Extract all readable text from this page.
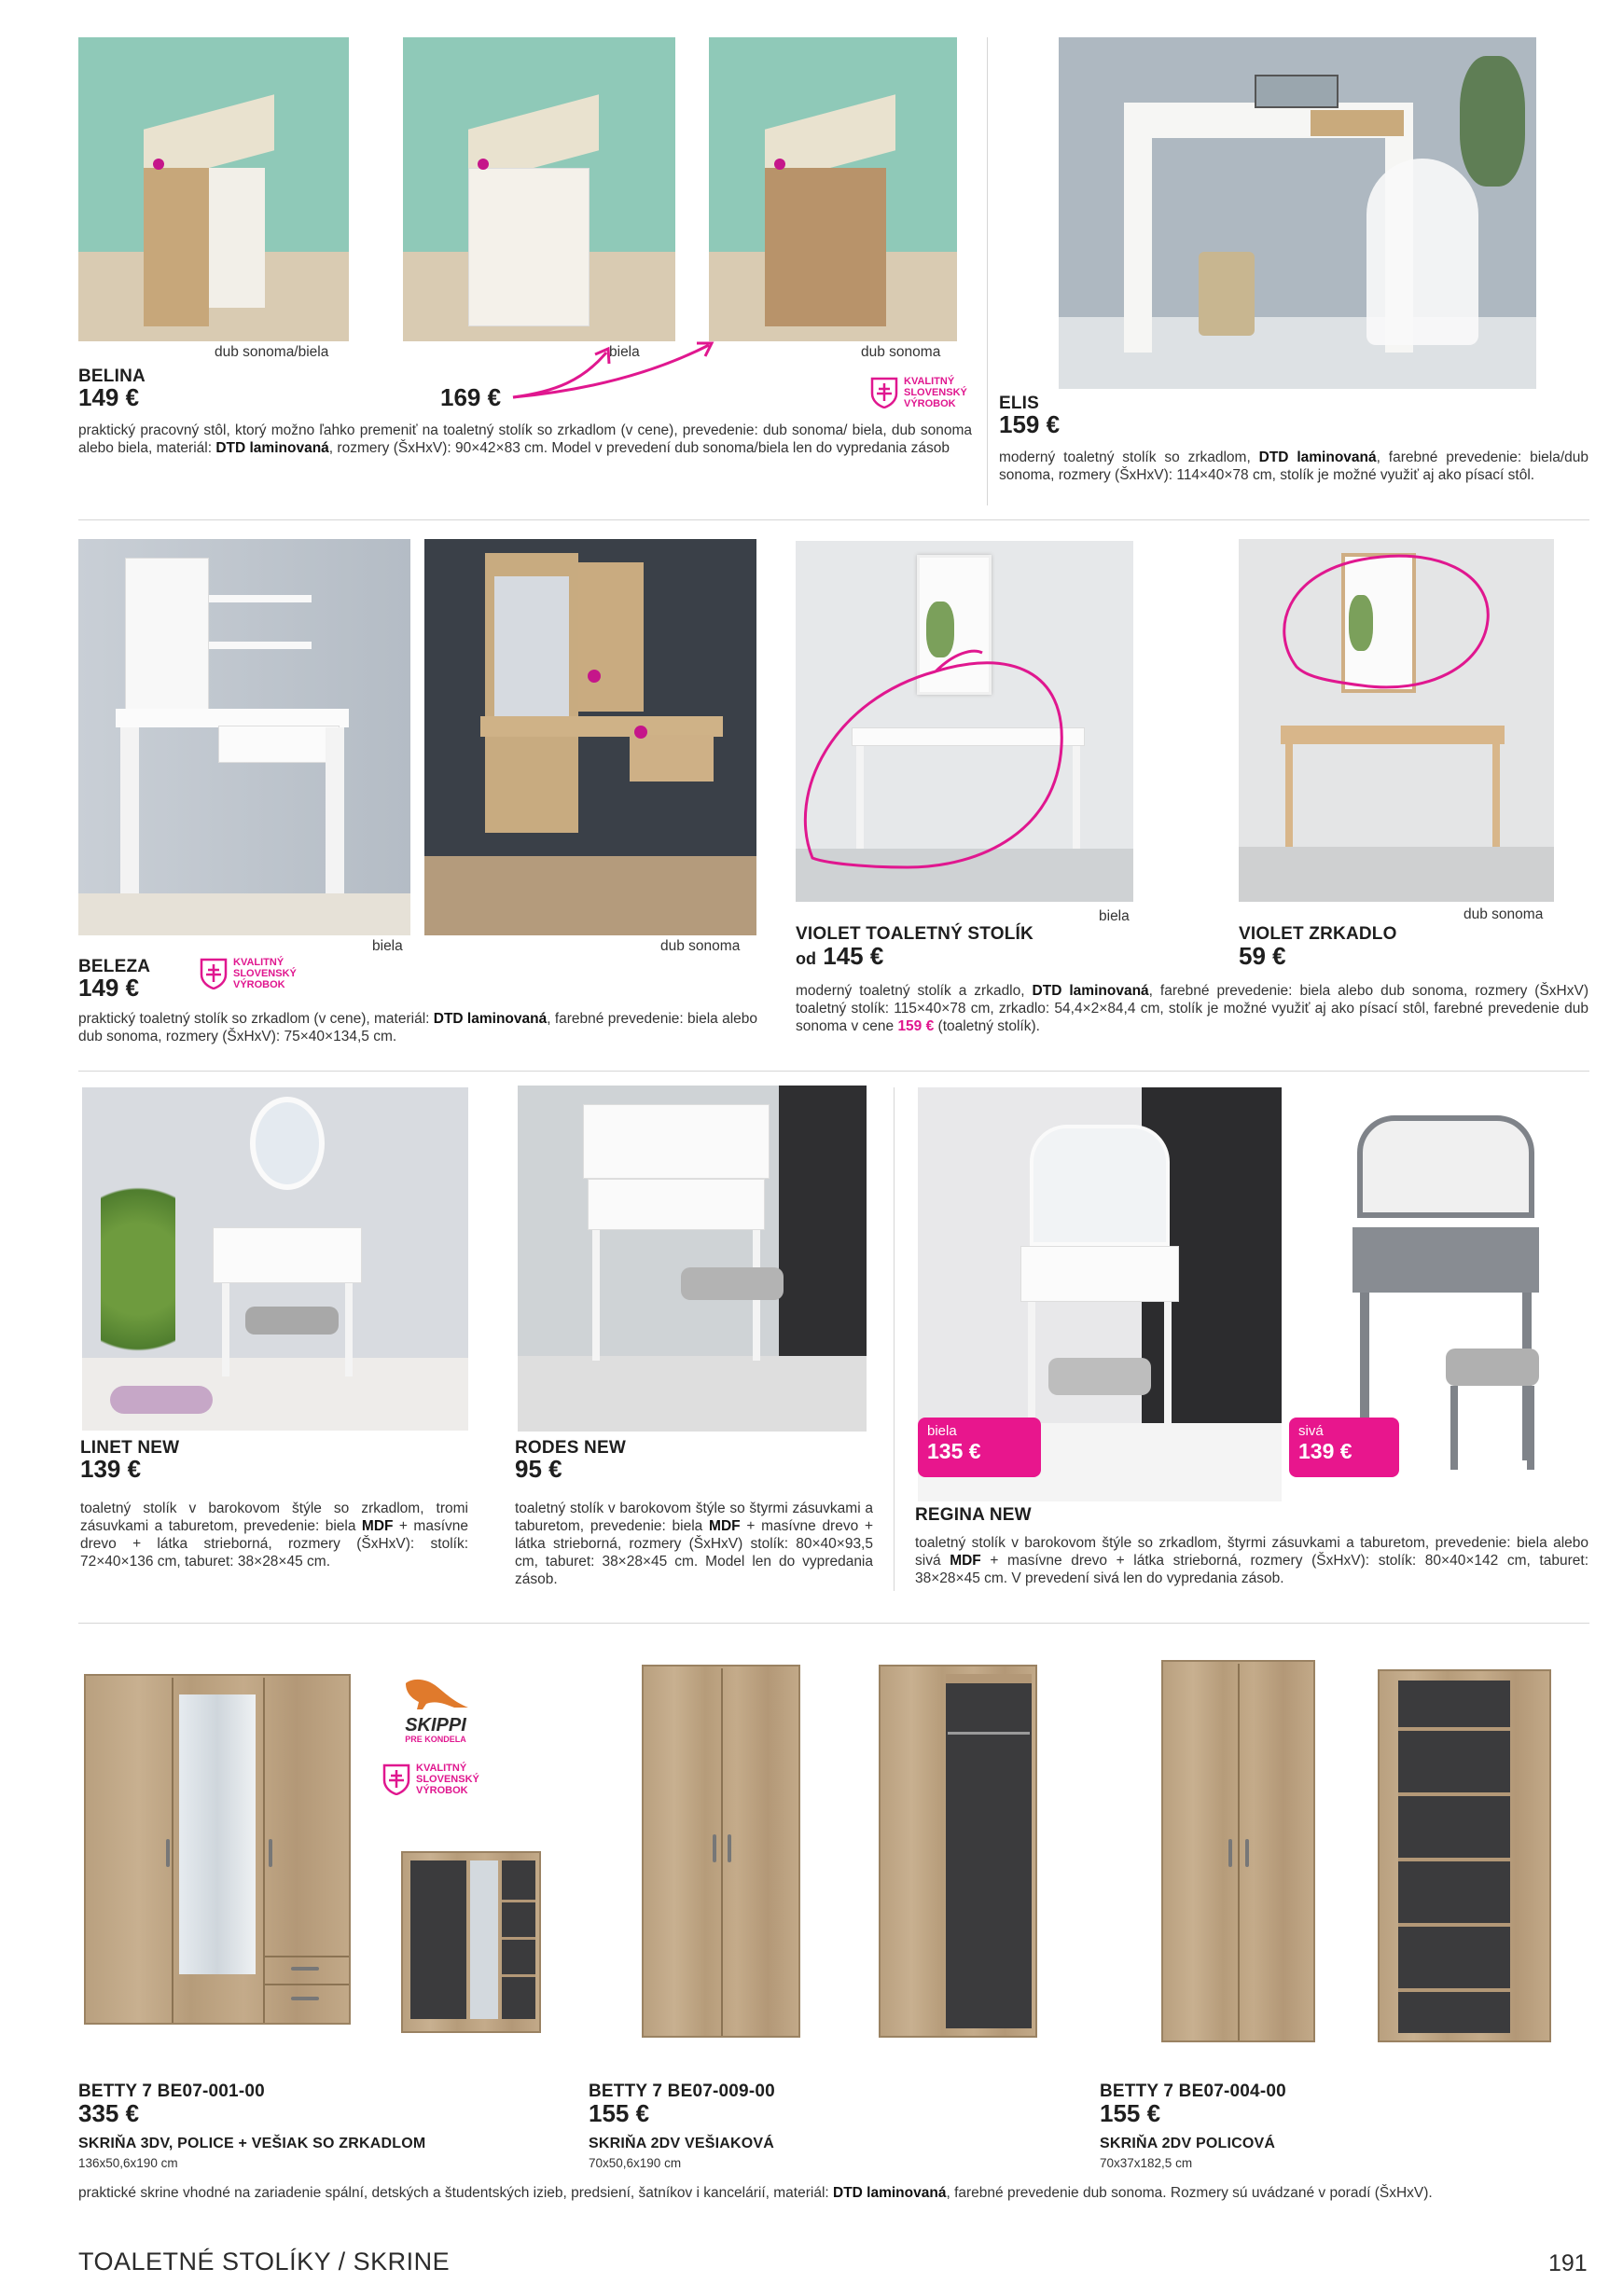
dub sonoma/biela	biela	dub sonoma
BELINA
149 €	169 €
KVALITNÝ
SLOVENSKÝ
VÝROBOK
praktický pracovný stôl, ktorý možno ľahko premeniť na toaletný stolík so zrkadlom (v cene), prevedenie: dub sonoma/ biela, dub sonoma alebo biela, materiál: DTD laminovaná, rozmery (ŠxHxV): 90×42×83 cm. Model v prevedení dub sonoma/biela len do vypredania zásob
ELIS
159 €
moderný toaletný stolík so zrkadlom, DTD laminovaná, farebné prevedenie: biela/dub sonoma, rozmery (ŠxHxV): 114×40×78 cm, stolík je možné využiť aj ako písací stôl.
biela	dub sonoma
BELEZA
149 €
KVALITNÝ
SLOVENSKÝ
VÝROBOK
praktický toaletný stolík so zrkadlom (v cene), materiál: DTD laminovaná, farebné prevedenie: biela alebo dub sonoma, rozmery (ŠxHxV): 75×40×134,5 cm.
biela	dub sonoma
VIOLET TOALETNÝ STOLÍK
od 145 €
VIOLET ZRKADLO
59 €
moderný toaletný stolík a zrkadlo, DTD laminovaná, farebné prevedenie: biela alebo dub sonoma, rozmery (ŠxHxV) toaletný stolík: 115×40×78 cm, zrkadlo: 54,4×2×84,4 cm, stolík je možné využiť aj ako písací stôl, farebné prevedenie dub sonoma v cene 159 € (toaletný stolík).
LINET NEW
139 €
toaletný stolík v barokovom štýle so zrkadlom, tromi zásuvkami a taburetom, prevedenie: biela MDF + masívne drevo + látka strieborná, rozmery (ŠxHxV): stolík: 72×40×136 cm, taburet: 38×28×45 cm.
RODES NEW
95 €
toaletný stolík v barokovom štýle so štyrmi zásuvkami a taburetom, prevedenie: biela MDF + masívne drevo + látka strieborná, rozmery (ŠxHxV) stolík: 80×40×93,5 cm, taburet: 38×28×45 cm. Model len do vypredania zásob.
biela
135 €
sivá
139 €
REGINA NEW
toaletný stolík v barokovom štýle so zrkadlom, štyrmi zásuvkami a taburetom, prevedenie: biela alebo sivá MDF + masívne drevo + látka strieborná, rozmery (ŠxHxV): stolík: 80×40×142 cm, taburet: 38×28×45 cm. V prevedení sivá len do vypredania zásob.
SKIPPI
PRE KONDELA
KVALITNÝ
SLOVENSKÝ
VÝROBOK
BETTY 7 BE07-001-00
335 €
SKRIŇA 3DV, POLICE + VEŠIAK SO ZRKADLOM
136x50,6x190 cm
BETTY 7 BE07-009-00
155 €
SKRIŇA 2DV VEŠIAKOVÁ
70x50,6x190 cm
BETTY 7 BE07-004-00
155 €
SKRIŇA 2DV POLICOVÁ
70x37x182,5 cm
praktické skrine vhodné na zariadenie spální, detských a študentských izieb, predsiení, šatníkov i kancelárií, materiál: DTD laminovaná, farebné prevedenie dub sonoma. Rozmery sú uvádzané v poradí (ŠxHxV).
TOALETNÉ STOLÍKY / SKRINE	191
